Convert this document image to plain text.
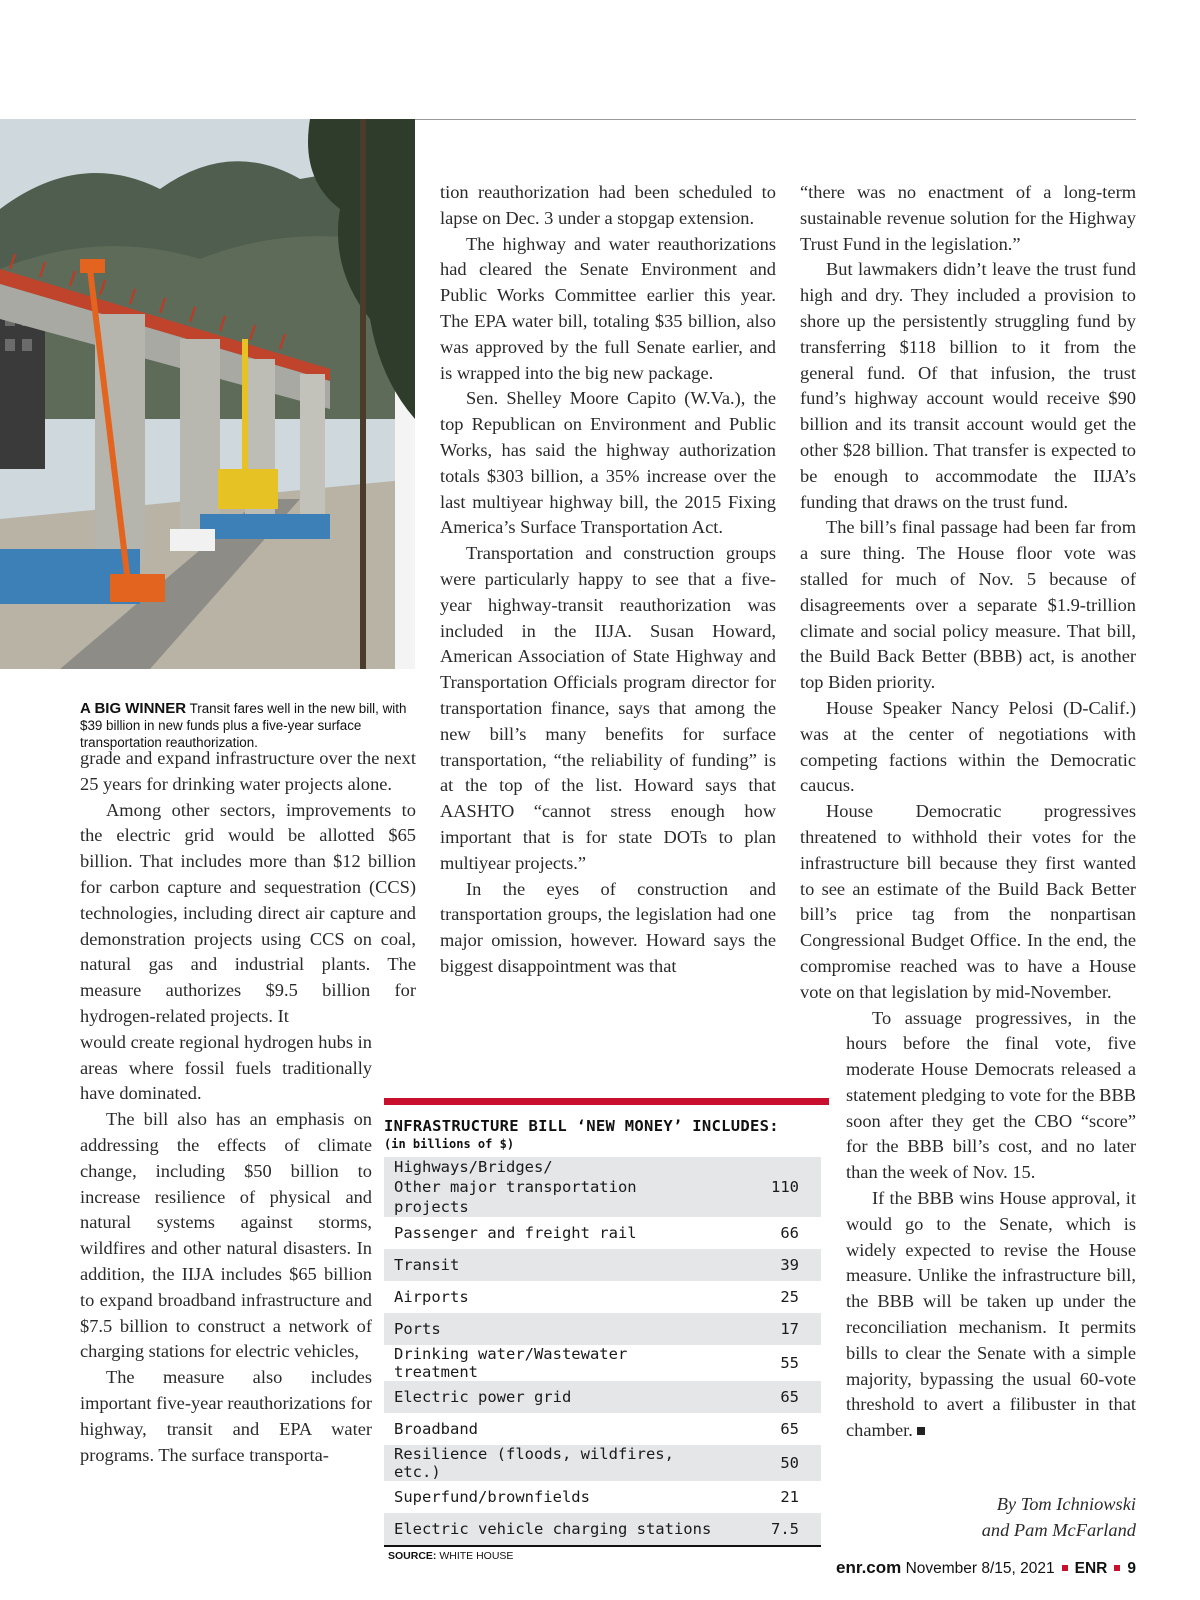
A BIG WINNER Transit fares well in the new bill, with $39 billion in new funds plus a five-year surface transportation reauthorization.

grade and expand infrastructure over the next 25 years for drinking water projects alone.

Among other sectors, improvements to the electric grid would be allotted $65 billion. That includes more than $12 billion for carbon capture and sequestration (CCS) technologies, including direct air capture and demonstration projects using CCS on coal, natural gas and industrial plants. The measure authorizes $9.5 billion for hydrogen-related projects. It

would create regional hydrogen hubs in areas where fossil fuels traditionally have dominated.

The bill also has an emphasis on addressing the effects of climate change, including $50 billion to increase resilience of physical and natural systems against storms, wildfires and other natural disasters. In addition, the IIJA includes $65 billion to expand broadband infrastructure and $7.5 billion to construct a network of charging stations for electric vehicles,

The measure also includes important five-year reauthorizations for highway, transit and EPA water programs. The surface transporta-

tion reauthorization had been scheduled to lapse on Dec. 3 under a stopgap extension.

The highway and water reauthorizations had cleared the Senate Environment and Public Works Committee earlier this year. The EPA water bill, totaling $35 billion, also was approved by the full Senate earlier, and is wrapped into the big new package.

Sen. Shelley Moore Capito (W.Va.), the top Republican on Environment and Public Works, has said the highway authorization totals $303 billion, a 35% increase over the last multiyear highway bill, the 2015 Fixing America’s Surface Transportation Act.

Transportation and construction groups were particularly happy to see that a five-year highway-transit reauthorization was included in the IIJA. Susan Howard, American Association of State Highway and Transportation Officials program director for transportation finance, says that among the new bill’s many benefits for surface transportation, “the reliability of funding” is at the top of the list. Howard says that AASHTO “cannot stress enough how important that is for state DOTs to plan multiyear projects.”

In the eyes of construction and transportation groups, the legislation had one major omission, however. Howard says the biggest disappointment was that

“there was no enactment of a long-term sustainable revenue solution for the Highway Trust Fund in the legislation.”

But lawmakers didn’t leave the trust fund high and dry. They included a provision to shore up the persistently struggling fund by transferring $118 billion to it from the general fund. Of that infusion, the trust fund’s highway account would receive $90 billion and its transit account would get the other $28 billion. That transfer is expected to be enough to accommodate the IIJA’s funding that draws on the trust fund.

The bill’s final passage had been far from a sure thing. The House floor vote was stalled for much of Nov. 5 because of disagreements over a separate $1.9-trillion climate and social policy measure. That bill, the Build Back Better (BBB) act, is another top Biden priority.

House Speaker Nancy Pelosi (D-Calif.) was at the center of negotiations with competing factions within the Democratic caucus.

House Democratic progressives threatened to withhold their votes for the infrastructure bill because they first wanted to see an estimate of the Build Back Better bill’s price tag from the nonpartisan Congressional Budget Office. In the end, the compromise reached was to have a House vote on that legislation by mid-November.

To assuage progressives, in the hours before the final vote, five moderate House Democrats released a statement pledging to vote for the BBB soon after they get the CBO “score” for the BBB bill’s cost, and no later than the week of Nov. 15.

If the BBB wins House approval, it would go to the Senate, which is widely expected to revise the House measure. Unlike the infrastructure bill, the BBB will be taken up under the reconciliation mechanism. It permits bills to clear the Senate with a simple majority, bypassing the usual 60-vote threshold to avert a filibuster in that chamber.

By Tom Ichniowski
and Pam McFarland
INFRASTRUCTURE BILL ‘NEW MONEY’ INCLUDES:
(in billions of $)
Highways/Bridges/
Other major transportation projects	110
Passenger and freight rail	66
Transit	39
Airports	25
Ports	17
Drinking water/Wastewater treatment	55
Electric power grid	65
Broadband	65
Resilience (floods, wildfires, etc.)	50
Superfund/brownfields	21
Electric vehicle charging stations	7.5
SOURCE: WHITE HOUSE
enr.com November 8/15, 2021 ENR 9
